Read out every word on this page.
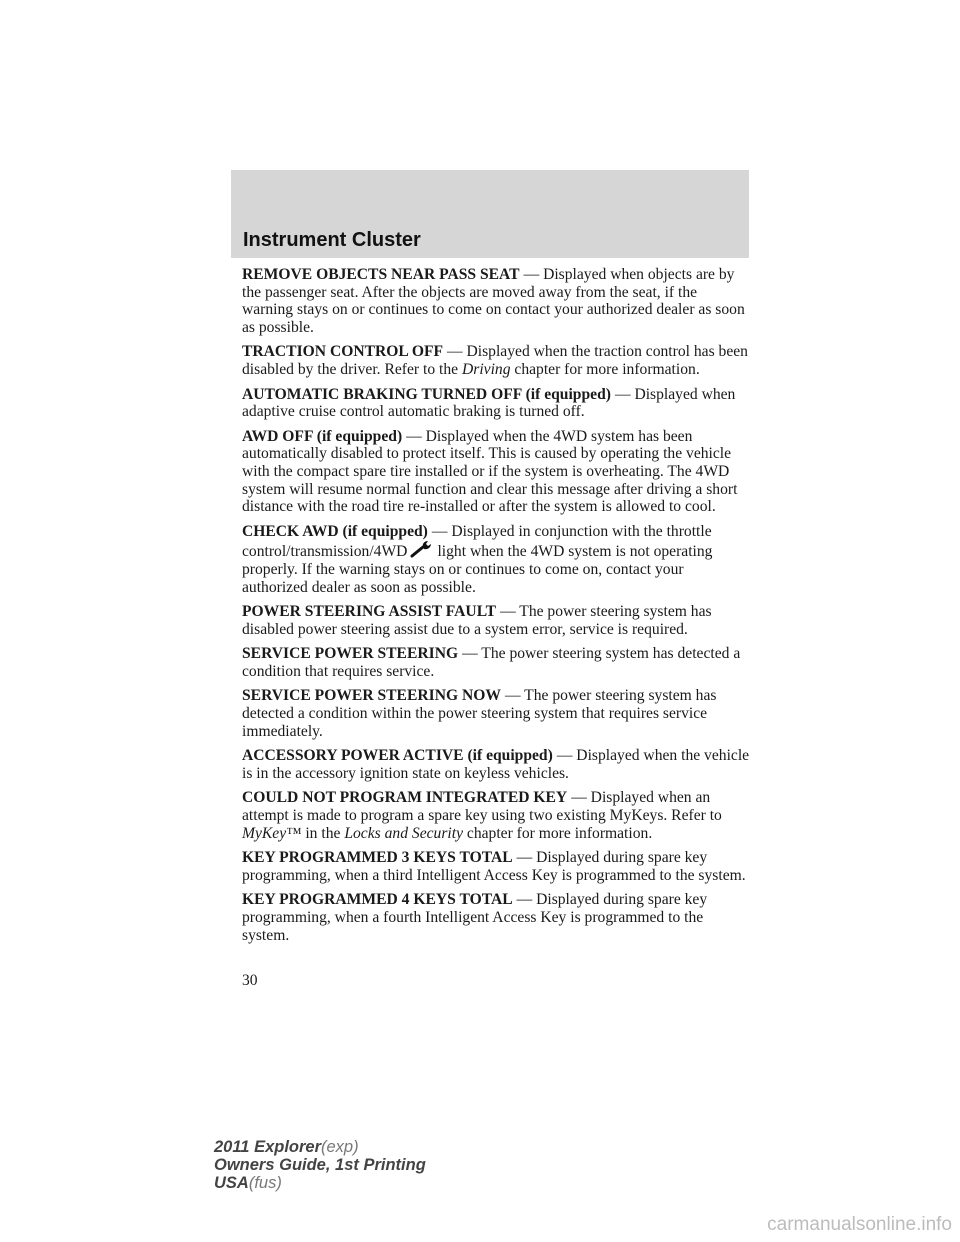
Instrument Cluster

REMOVE OBJECTS NEAR PASS SEAT — Displayed when objects are by the passenger seat. After the objects are moved away from the seat, if the warning stays on or continues to come on contact your authorized dealer as soon as possible.

TRACTION CONTROL OFF — Displayed when the traction control has been disabled by the driver. Refer to the Driving chapter for more information.

AUTOMATIC BRAKING TURNED OFF (if equipped) — Displayed when adaptive cruise control automatic braking is turned off.

AWD OFF (if equipped) — Displayed when the 4WD system has been automatically disabled to protect itself. This is caused by operating the vehicle with the compact spare tire installed or if the system is overheating. The 4WD system will resume normal function and clear this message after driving a short distance with the road tire re-installed or after the system is allowed to cool.

CHECK AWD (if equipped) — Displayed in conjunction with the throttle control/transmission/4WD light when the 4WD system is not operating properly. If the warning stays on or continues to come on, contact your authorized dealer as soon as possible.

POWER STEERING ASSIST FAULT — The power steering system has disabled power steering assist due to a system error, service is required.

SERVICE POWER STEERING — The power steering system has detected a condition that requires service.

SERVICE POWER STEERING NOW — The power steering system has detected a condition within the power steering system that requires service immediately.

ACCESSORY POWER ACTIVE (if equipped) — Displayed when the vehicle is in the accessory ignition state on keyless vehicles.

COULD NOT PROGRAM INTEGRATED KEY — Displayed when an attempt is made to program a spare key using two existing MyKeys. Refer to MyKey™ in the Locks and Security chapter for more information.

KEY PROGRAMMED 3 KEYS TOTAL — Displayed during spare key programming, when a third Intelligent Access Key is programmed to the system.

KEY PROGRAMMED 4 KEYS TOTAL — Displayed during spare key programming, when a fourth Intelligent Access Key is programmed to the system.

30

2011 Explorer(exp)
Owners Guide, 1st Printing
USA(fus)

carmanualsonline.info
